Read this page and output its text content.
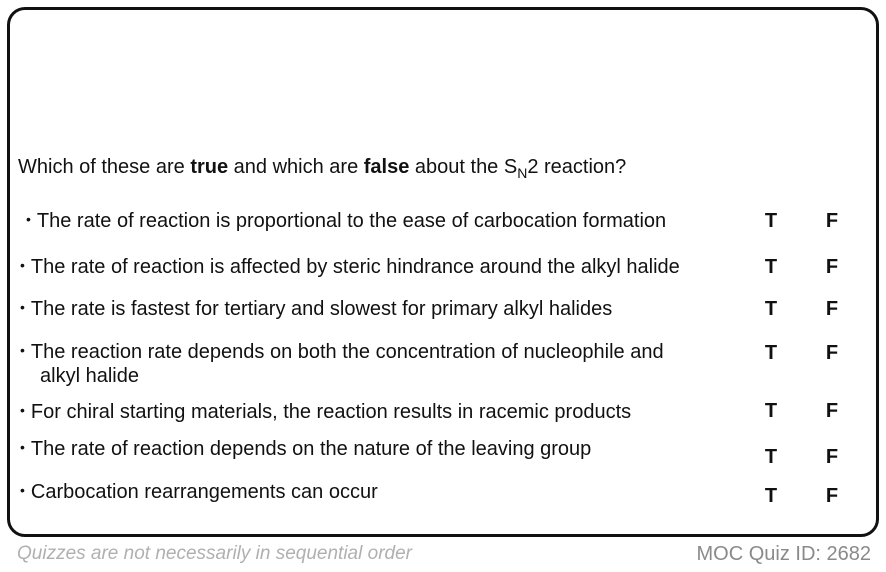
Which of these are true and which are false about the $S_N2$ reaction?
• The rate of reaction is proportional to the ease of carbocation formation	T F
• The rate of reaction is affected by steric hindrance around the alkyl halide	T F
• The rate is fastest for tertiary and slowest for primary alkyl halides	T F
• The reaction rate depends on both the concentration of nucleophile and
alkyl halide
T F
• For chiral starting materials, the reaction results in racemic products	T F
• The rate of reaction depends on the nature of the leaving group	T F
• Carbocation rearrangements can occur	T F
Quizzes are not necessarily in sequential order	MOC Quiz ID: 2682
